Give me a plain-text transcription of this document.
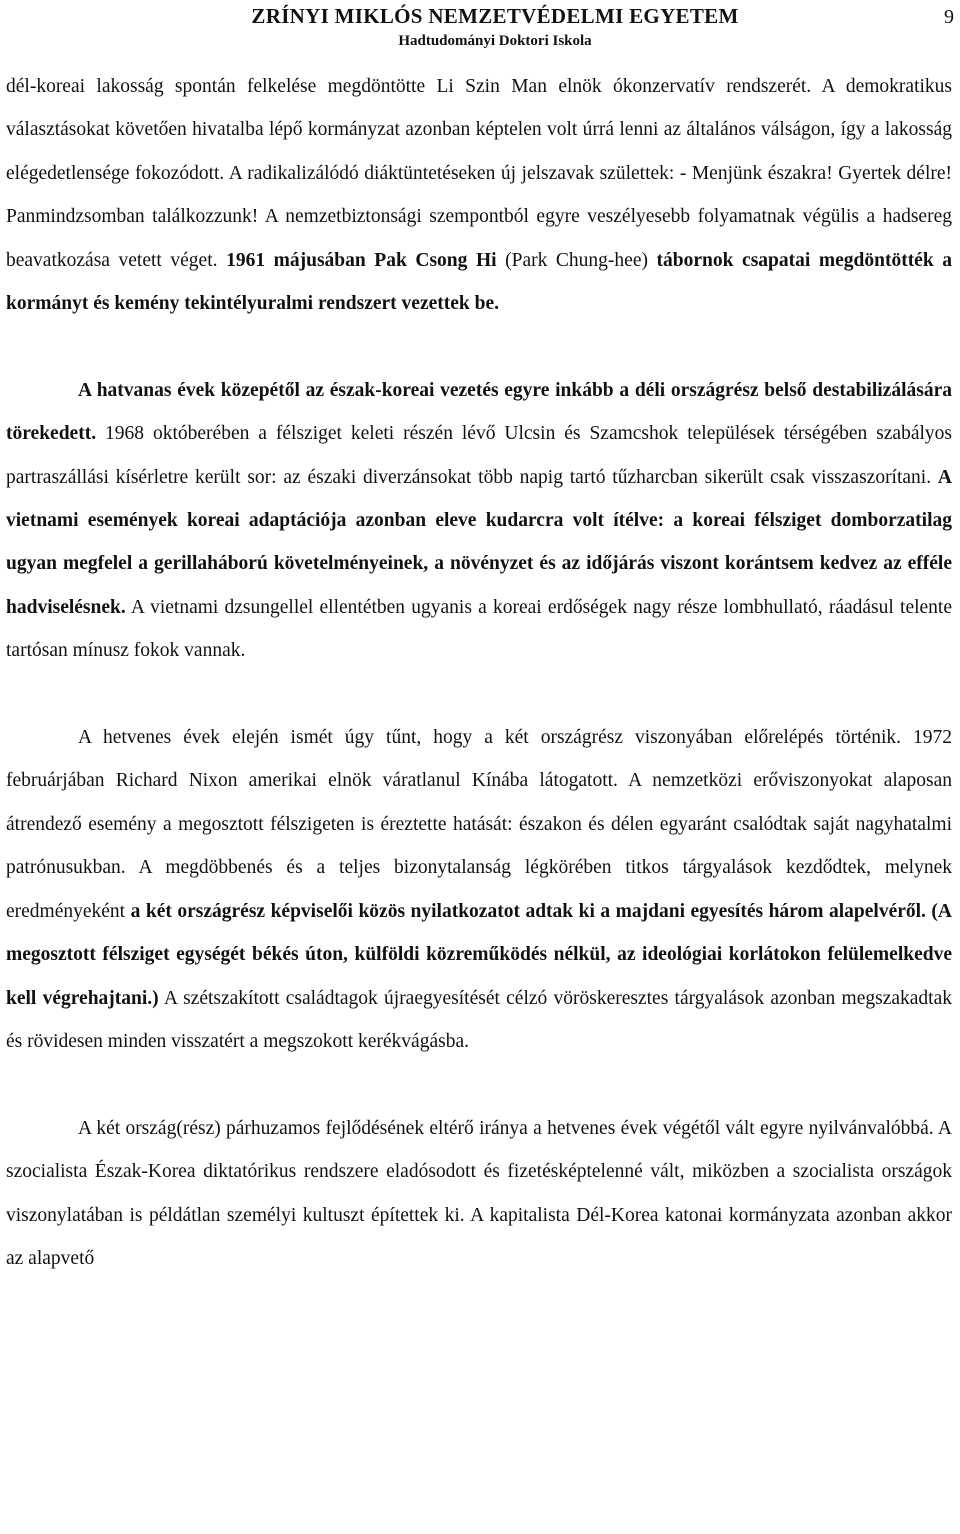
ZRÍNYI MIKLÓS NEMZETVÉDELMI EGYETEM
Hadtudományi Doktori Iskola
9

dél-koreai lakosság spontán felkelése megdöntötte Li Szin Man elnök ókonzervatív rendszerét. A demokratikus választásokat követően hivatalba lépő kormányzat azonban képtelen volt úrrá lenni az általános válságon, így a lakosság elégedetlensége fokozódott. A radikalizálódó diáktüntetéseken új jelszavak születtek: - Menjünk északra! Gyertek délre! Panmindzsomban találkozzunk! A nemzetbiztonsági szempontból egyre veszélyesebb folyamatnak végülis a hadsereg beavatkozása vetett véget. 1961 májusában Pak Csong Hi (Park Chung-hee) tábornok csapatai megdöntötték a kormányt és kemény tekintélyuralmi rendszert vezettek be.

A hatvanas évek közepétől az észak-koreai vezetés egyre inkább a déli országrész belső destabilizálására törekedett. 1968 októberében a félsziget keleti részén lévő Ulcsin és Szamcshok települések térségében szabályos partraszállási kísérletre került sor: az északi diverzánsokat több napig tartó tűzharcban sikerült csak visszaszorítani. A vietnami események koreai adaptációja azonban eleve kudarcra volt ítélve: a koreai félsziget domborzatilag ugyan megfelel a gerillaháború követelményeinek, a növényzet és az időjárás viszont korántsem kedvez az efféle hadviselésnek. A vietnami dzsungellel ellentétben ugyanis a koreai erdőségek nagy része lombhullató, ráadásul telente tartósan mínusz fokok vannak.

A hetvenes évek elején ismét úgy tűnt, hogy a két országrész viszonyában előrelépés történik. 1972 februárjában Richard Nixon amerikai elnök váratlanul Kínába látogatott. A nemzetközi erőviszonyokat alaposan átrendező esemény a megosztott félszigeten is éreztette hatását: északon és délen egyaránt csalódtak saját nagyhatalmi patrónusukban. A megdöbbenés és a teljes bizonytalanság légkörében titkos tárgyalások kezdődtek, melynek eredményeként a két országrész képviselői közös nyilatkozatot adtak ki a majdani egyesítés három alapelvéről. (A megosztott félsziget egységét békés úton, külföldi közreműködés nélkül, az ideológiai korlátokon felülemelkedve kell végrehajtani.) A szétszakított családtagok újraegyesítését célzó vöröskeresztes tárgyalások azonban megszakadtak és rövidesen minden visszatért a megszokott kerékvágásba.

A két ország(rész) párhuzamos fejlődésének eltérő iránya a hetvenes évek végétől vált egyre nyilvánvalóbbá. A szocialista Észak-Korea diktatórikus rendszere eladósodott és fizetésképtelenné vált, miközben a szocialista országok viszonylatában is példátlan személyi kultuszt építettek ki. A kapitalista Dél-Korea katonai kormányzata azonban akkor az alapvető
